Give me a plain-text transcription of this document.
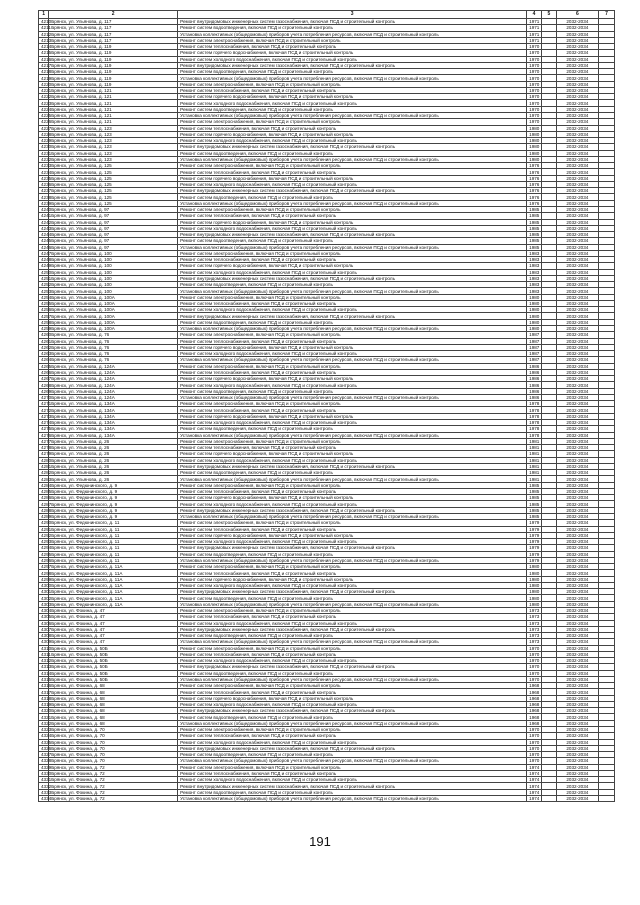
1	2	3	4	5	6	7
4210	Брянск, ул. Ульянова, д. 117	Ремонт внутридомовых инженерных систем газоснабжения, включая ПСД и строительный контроль	1971		2032-2034	
4211	Брянск, ул. Ульянова, д. 117	Ремонт систем водоотведения, включая ПСД и строительный контроль	1971		2032-2034	
4212	Брянск, ул. Ульянова, д. 117	Установка коллективных (общедомовых) приборов учета потребления ресурсов, включая ПСД и строительный контроль	1971		2032-2034	
4213	Брянск, ул. Ульянова, д. 117	Ремонт систем электроснабжения, включая ПСД и строительный контроль	1971		2032-2034	
4214	Брянск, ул. Ульянова, д. 119	Ремонт систем теплоснабжения, включая ПСД и строительный контроль	1970		2032-2034	
4215	Брянск, ул. Ульянова, д. 119	Ремонт систем горячего водоснабжения, включая ПСД и строительный контроль	1970		2032-2034	
4216	Брянск, ул. Ульянова, д. 119	Ремонт систем холодного водоснабжения, включая ПСД и строительный контроль	1970		2032-2034	
4217	Брянск, ул. Ульянова, д. 119	Ремонт внутридомовых инженерных систем газоснабжения, включая ПСД и строительный контроль	1970		2032-2034	
4218	Брянск, ул. Ульянова, д. 119	Ремонт систем водоотведения, включая ПСД и строительный контроль	1970		2032-2034	
4219	Брянск, ул. Ульянова, д. 119	Установка коллективных (общедомовых) приборов учета потребления ресурсов, включая ПСД и строительный контроль	1970		2032-2034	
4220	Брянск, ул. Ульянова, д. 119	Ремонт систем электроснабжения, включая ПСД и строительный контроль	1970		2032-2034	
4221	Брянск, ул. Ульянова, д. 121	Ремонт систем теплоснабжения, включая ПСД и строительный контроль	1970		2032-2034	
4222	Брянск, ул. Ульянова, д. 121	Ремонт систем горячего водоснабжения, включая ПСД и строительный контроль	1970		2032-2034	
4223	Брянск, ул. Ульянова, д. 121	Ремонт систем холодного водоснабжения, включая ПСД и строительный контроль	1970		2032-2034	
4224	Брянск, ул. Ульянова, д. 121	Ремонт систем водоотведения, включая ПСД и строительный контроль	1970		2032-2034	
4225	Брянск, ул. Ульянова, д. 121	Установка коллективных (общедомовых) приборов учета потребления ресурсов, включая ПСД и строительный контроль	1970		2032-2034	
4226	Брянск, ул. Ульянова, д. 121	Ремонт систем электроснабжения, включая ПСД и строительный контроль	1970		2032-2034	
4227	Брянск, ул. Ульянова, д. 123	Ремонт систем теплоснабжения, включая ПСД и строительный контроль	1980		2032-2034	
4228	Брянск, ул. Ульянова, д. 123	Ремонт систем горячего водоснабжения, включая ПСД и строительный контроль	1980		2032-2034	
4229	Брянск, ул. Ульянова, д. 123	Ремонт систем холодного водоснабжения, включая ПСД и строительный контроль	1980		2032-2034	
4230	Брянск, ул. Ульянова, д. 123	Ремонт внутридомовых инженерных систем газоснабжения, включая ПСД и строительный контроль	1980		2032-2034	
4231	Брянск, ул. Ульянова, д. 123	Ремонт систем водоотведения, включая ПСД и строительный контроль	1980		2032-2034	
4232	Брянск, ул. Ульянова, д. 123	Установка коллективных (общедомовых) приборов учета потребления ресурсов, включая ПСД и строительный контроль	1980		2032-2034	
4233	Брянск, ул. Ульянова, д. 125	Ремонт систем электроснабжения, включая ПСД и строительный контроль	1976		2032-2034	
4234	Брянск, ул. Ульянова, д. 125	Ремонт систем теплоснабжения, включая ПСД и строительный контроль	1976		2032-2034	
4235	Брянск, ул. Ульянова, д. 125	Ремонт систем горячего водоснабжения, включая ПСД и строительный контроль	1976		2032-2034	
4236	Брянск, ул. Ульянова, д. 125	Ремонт систем холодного водоснабжения, включая ПСД и строительный контроль	1976		2032-2034	
4237	Брянск, ул. Ульянова, д. 125	Ремонт внутридомовых инженерных систем газоснабжения, включая ПСД и строительный контроль	1976		2032-2034	
4238	Брянск, ул. Ульянова, д. 125	Ремонт систем водоотведения, включая ПСД и строительный контроль	1976		2032-2034	
4239	Брянск, ул. Ульянова, д. 125	Установка коллективных (общедомовых) приборов учета потребления ресурсов, включая ПСД и строительный контроль	1976		2032-2034	
4240	Брянск, ул. Ульянова, д. 97	Ремонт систем электроснабжения, включая ПСД и строительный контроль	1985		2032-2034	
4241	Брянск, ул. Ульянова, д. 97	Ремонт систем теплоснабжения, включая ПСД и строительный контроль	1985		2032-2034	
4242	Брянск, ул. Ульянова, д. 97	Ремонт систем горячего водоснабжения, включая ПСД и строительный контроль	1985		2032-2034	
4243	Брянск, ул. Ульянова, д. 97	Ремонт систем холодного водоснабжения, включая ПСД и строительный контроль	1985		2032-2034	
4244	Брянск, ул. Ульянова, д. 97	Ремонт внутридомовых инженерных систем газоснабжения, включая ПСД и строительный контроль	1985		2032-2034	
4245	Брянск, ул. Ульянова, д. 97	Ремонт систем водоотведения, включая ПСД и строительный контроль	1985		2032-2034	
4246	Брянск, ул. Ульянова, д. 97	Установка коллективных (общедомовых) приборов учета потребления ресурсов, включая ПСД и строительный контроль	1985		2032-2034	
4247	Брянск, ул. Ульянова, д. 100	Ремонт систем электроснабжения, включая ПСД и строительный контроль	1983		2032-2034	
4248	Брянск, ул. Ульянова, д. 100	Ремонт систем теплоснабжения, включая ПСД и строительный контроль	1983		2032-2034	
4249	Брянск, ул. Ульянова, д. 100	Ремонт систем горячего водоснабжения, включая ПСД и строительный контроль	1983		2032-2034	
4250	Брянск, ул. Ульянова, д. 100	Ремонт систем холодного водоснабжения, включая ПСД и строительный контроль	1983		2032-2034	
4251	Брянск, ул. Ульянова, д. 100	Ремонт внутридомовых инженерных систем газоснабжения, включая ПСД и строительный контроль	1983		2032-2034	
4252	Брянск, ул. Ульянова, д. 100	Ремонт систем водоотведения, включая ПСД и строительный контроль	1983		2032-2034	
4253	Брянск, ул. Ульянова, д. 100	Установка коллективных (общедомовых) приборов учета потребления ресурсов, включая ПСД и строительный контроль	1983		2032-2034	
4254	Брянск, ул. Ульянова, д. 100А	Ремонт систем электроснабжения, включая ПСД и строительный контроль	1980		2032-2034	
4255	Брянск, ул. Ульянова, д. 100А	Ремонт систем теплоснабжения, включая ПСД и строительный контроль	1980		2032-2034	
4256	Брянск, ул. Ульянова, д. 100А	Ремонт систем холодного водоснабжения, включая ПСД и строительный контроль	1980		2032-2034	
4257	Брянск, ул. Ульянова, д. 100А	Ремонт внутридомовых инженерных систем газоснабжения, включая ПСД и строительный контроль	1980		2032-2034	
4258	Брянск, ул. Ульянова, д. 100А	Ремонт систем водоотведения, включая ПСД и строительный контроль	1980		2032-2034	
4259	Брянск, ул. Ульянова, д. 100А	Установка коллективных (общедомовых) приборов учета потребления ресурсов, включая ПСД и строительный контроль	1980		2032-2034	
4260	Брянск, ул. Ульянова, д. 76	Ремонт систем электроснабжения, включая ПСД и строительный контроль	1987		2032-2034	
4261	Брянск, ул. Ульянова, д. 76	Ремонт систем теплоснабжения, включая ПСД и строительный контроль	1987		2032-2034	
4262	Брянск, ул. Ульянова, д. 76	Ремонт систем горячего водоснабжения, включая ПСД и строительный контроль	1987		2032-2034	
4263	Брянск, ул. Ульянова, д. 76	Ремонт систем холодного водоснабжения, включая ПСД и строительный контроль	1987		2032-2034	
4264	Брянск, ул. Ульянова, д. 76	Установка коллективных (общедомовых) приборов учета потребления ресурсов, включая ПСД и строительный контроль	1987		2032-2034	
4265	Брянск, ул. Ульянова, д. 124А	Ремонт систем электроснабжения, включая ПСД и строительный контроль	1986		2032-2034	
4266	Брянск, ул. Ульянова, д. 124А	Ремонт систем теплоснабжения, включая ПСД и строительный контроль	1986		2032-2034	
4267	Брянск, ул. Ульянова, д. 124А	Ремонт систем горячего водоснабжения, включая ПСД и строительный контроль	1986		2032-2034	
4268	Брянск, ул. Ульянова, д. 124А	Ремонт систем холодного водоснабжения, включая ПСД и строительный контроль	1986		2032-2034	
4269	Брянск, ул. Ульянова, д. 124А	Ремонт систем водоотведения, включая ПСД и строительный контроль	1986		2032-2034	
4270	Брянск, ул. Ульянова, д. 124А	Установка коллективных (общедомовых) приборов учета потребления ресурсов, включая ПСД и строительный контроль	1986		2032-2034	
4271	Брянск, ул. Ульянова, д. 134А	Ремонт систем электроснабжения, включая ПСД и строительный контроль	1978		2032-2034	
4272	Брянск, ул. Ульянова, д. 134А	Ремонт систем теплоснабжения, включая ПСД и строительный контроль	1978		2032-2034	
4273	Брянск, ул. Ульянова, д. 134А	Ремонт систем горячего водоснабжения, включая ПСД и строительный контроль	1978		2032-2034	
4274	Брянск, ул. Ульянова, д. 134А	Ремонт систем холодного водоснабжения, включая ПСД и строительный контроль	1978		2032-2034	
4275	Брянск, ул. Ульянова, д. 134А	Ремонт систем водоотведения, включая ПСД и строительный контроль	1978		2032-2034	
4276	Брянск, ул. Ульянова, д. 134А	Установка коллективных (общедомовых) приборов учета потребления ресурсов, включая ПСД и строительный контроль	1978		2032-2034	
4277	Брянск, ул. Ульянова, д. 26	Ремонт систем электроснабжения, включая ПСД и строительный контроль	1981		2032-2034	
4278	Брянск, ул. Ульянова, д. 26	Ремонт систем теплоснабжения, включая ПСД и строительный контроль	1981		2032-2034	
4279	Брянск, ул. Ульянова, д. 26	Ремонт систем горячего водоснабжения, включая ПСД и строительный контроль	1981		2032-2034	
4280	Брянск, ул. Ульянова, д. 26	Ремонт систем холодного водоснабжения, включая ПСД и строительный контроль	1981		2032-2034	
4281	Брянск, ул. Ульянова, д. 26	Ремонт внутридомовых инженерных систем газоснабжения, включая ПСД и строительный контроль	1981		2032-2034	
4282	Брянск, ул. Ульянова, д. 26	Ремонт систем водоотведения, включая ПСД и строительный контроль	1981		2032-2034	
4283	Брянск, ул. Ульянова, д. 26	Установка коллективных (общедомовых) приборов учета потребления ресурсов, включая ПСД и строительный контроль	1981		2032-2034	
4284	Брянск, ул. Федюнинского, д. 9	Ремонт систем электроснабжения, включая ПСД и строительный контроль	1985		2032-2034	
4285	Брянск, ул. Федюнинского, д. 9	Ремонт систем теплоснабжения, включая ПСД и строительный контроль	1985		2032-2034	
4286	Брянск, ул. Федюнинского, д. 9	Ремонт систем горячего водоснабжения, включая ПСД и строительный контроль	1985		2032-2034	
4287	Брянск, ул. Федюнинского, д. 9	Ремонт систем холодного водоснабжения, включая ПСД и строительный контроль	1985		2032-2034	
4288	Брянск, ул. Федюнинского, д. 9	Ремонт внутридомовых инженерных систем газоснабжения, включая ПСД и строительный контроль	1985		2032-2034	
4289	Брянск, ул. Федюнинского, д. 9	Установка коллективных (общедомовых) приборов учета потребления ресурсов, включая ПСД и строительный контроль	1985		2032-2034	
4290	Брянск, ул. Федюнинского, д. 11	Ремонт систем электроснабжения, включая ПСД и строительный контроль	1979		2032-2034	
4291	Брянск, ул. Федюнинского, д. 11	Ремонт систем теплоснабжения, включая ПСД и строительный контроль	1979		2032-2034	
4292	Брянск, ул. Федюнинского, д. 11	Ремонт систем горячего водоснабжения, включая ПСД и строительный контроль	1979		2032-2034	
4293	Брянск, ул. Федюнинского, д. 11	Ремонт систем холодного водоснабжения, включая ПСД и строительный контроль	1979		2032-2034	
4294	Брянск, ул. Федюнинского, д. 11	Ремонт внутридомовых инженерных систем газоснабжения, включая ПСД и строительный контроль	1979		2032-2034	
4295	Брянск, ул. Федюнинского, д. 11	Ремонт систем водоотведения, включая ПСД и строительный контроль	1979		2032-2034	
4296	Брянск, ул. Федюнинского, д. 11	Установка коллективных (общедомовых) приборов учета потребления ресурсов, включая ПСД и строительный контроль	1979		2032-2034	
4297	Брянск, ул. Федюнинского, д. 11А	Ремонт систем электроснабжения, включая ПСД и строительный контроль	1980		2032-2034	
4298	Брянск, ул. Федюнинского, д. 11А	Ремонт систем теплоснабжения, включая ПСД и строительный контроль	1980		2032-2034	
4299	Брянск, ул. Федюнинского, д. 11А	Ремонт систем горячего водоснабжения, включая ПСД и строительный контроль	1980		2032-2034	
4300	Брянск, ул. Федюнинского, д. 11А	Ремонт систем холодного водоснабжения, включая ПСД и строительный контроль	1980		2032-2034	
4301	Брянск, ул. Федюнинского, д. 11А	Ремонт внутридомовых инженерных систем газоснабжения, включая ПСД и строительный контроль	1980		2032-2034	
4302	Брянск, ул. Федюнинского, д. 11А	Ремонт систем водоотведения, включая ПСД и строительный контроль	1980		2032-2034	
4303	Брянск, ул. Федюнинского, д. 11А	Установка коллективных (общедомовых) приборов учета потребления ресурсов, включая ПСД и строительный контроль	1980		2032-2034	
4304	Брянск, ул. Фокина, д. 47	Ремонт систем электроснабжения, включая ПСД и строительный контроль	1973		2032-2034	
4305	Брянск, ул. Фокина, д. 47	Ремонт систем теплоснабжения, включая ПСД и строительный контроль	1973		2032-2034	
4306	Брянск, ул. Фокина, д. 47	Ремонт систем холодного водоснабжения, включая ПСД и строительный контроль	1973		2032-2034	
4307	Брянск, ул. Фокина, д. 47	Ремонт внутридомовых инженерных систем газоснабжения, включая ПСД и строительный контроль	1973		2032-2034	
4308	Брянск, ул. Фокина, д. 47	Ремонт систем водоотведения, включая ПСД и строительный контроль	1973		2032-2034	
4309	Брянск, ул. Фокина, д. 47	Установка коллективных (общедомовых) приборов учета потребления ресурсов, включая ПСД и строительный контроль	1973		2032-2034	
4310	Брянск, ул. Фокина, д. 50Б	Ремонт систем электроснабжения, включая ПСД и строительный контроль	1970		2032-2034	
4311	Брянск, ул. Фокина, д. 50Б	Ремонт систем теплоснабжения, включая ПСД и строительный контроль	1970		2032-2034	
4312	Брянск, ул. Фокина, д. 50Б	Ремонт систем холодного водоснабжения, включая ПСД и строительный контроль	1970		2032-2034	
4313	Брянск, ул. Фокина, д. 50Б	Ремонт внутридомовых инженерных систем газоснабжения, включая ПСД и строительный контроль	1970		2032-2034	
4314	Брянск, ул. Фокина, д. 50Б	Ремонт систем водоотведения, включая ПСД и строительный контроль	1970		2032-2034	
4315	Брянск, ул. Фокина, д. 50Б	Установка коллективных (общедомовых) приборов учета потребления ресурсов, включая ПСД и строительный контроль	1970		2032-2034	
4316	Брянск, ул. Фокина, д. 68	Ремонт систем электроснабжения, включая ПСД и строительный контроль	1968		2032-2034	
4317	Брянск, ул. Фокина, д. 68	Ремонт систем теплоснабжения, включая ПСД и строительный контроль	1968		2032-2034	
4318	Брянск, ул. Фокина, д. 68	Ремонт систем горячего водоснабжения, включая ПСД и строительный контроль	1968		2032-2034	
4319	Брянск, ул. Фокина, д. 68	Ремонт систем холодного водоснабжения, включая ПСД и строительный контроль	1968		2032-2034	
4320	Брянск, ул. Фокина, д. 68	Ремонт внутридомовых инженерных систем газоснабжения, включая ПСД и строительный контроль	1968		2032-2034	
4321	Брянск, ул. Фокина, д. 68	Ремонт систем водоотведения, включая ПСД и строительный контроль	1968		2032-2034	
4322	Брянск, ул. Фокина, д. 68	Установка коллективных (общедомовых) приборов учета потребления ресурсов, включая ПСД и строительный контроль	1968		2032-2034	
4323	Брянск, ул. Фокина, д. 70	Ремонт систем электроснабжения, включая ПСД и строительный контроль	1970		2032-2034	
4324	Брянск, ул. Фокина, д. 70	Ремонт систем теплоснабжения, включая ПСД и строительный контроль	1970		2032-2034	
4325	Брянск, ул. Фокина, д. 70	Ремонт систем холодного водоснабжения, включая ПСД и строительный контроль	1970		2032-2034	
4326	Брянск, ул. Фокина, д. 70	Ремонт внутридомовых инженерных систем газоснабжения, включая ПСД и строительный контроль	1970		2032-2034	
4327	Брянск, ул. Фокина, д. 70	Ремонт систем водоотведения, включая ПСД и строительный контроль	1970		2032-2034	
4328	Брянск, ул. Фокина, д. 70	Установка коллективных (общедомовых) приборов учета потребления ресурсов, включая ПСД и строительный контроль	1970		2032-2034	
4329	Брянск, ул. Фокина, д. 72	Ремонт систем электроснабжения, включая ПСД и строительный контроль	1974		2032-2034	
4330	Брянск, ул. Фокина, д. 72	Ремонт систем теплоснабжения, включая ПСД и строительный контроль	1974		2032-2034	
4331	Брянск, ул. Фокина, д. 72	Ремонт систем холодного водоснабжения, включая ПСД и строительный контроль	1974		2032-2034	
4332	Брянск, ул. Фокина, д. 72	Ремонт внутридомовых инженерных систем газоснабжения, включая ПСД и строительный контроль	1974		2032-2034	
4333	Брянск, ул. Фокина, д. 72	Ремонт систем водоотведения, включая ПСД и строительный контроль	1974		2032-2034	
4334	Брянск, ул. Фокина, д. 72	Установка коллективных (общедомовых) приборов учета потребления ресурсов, включая ПСД и строительный контроль	1974		2032-2034	
191
